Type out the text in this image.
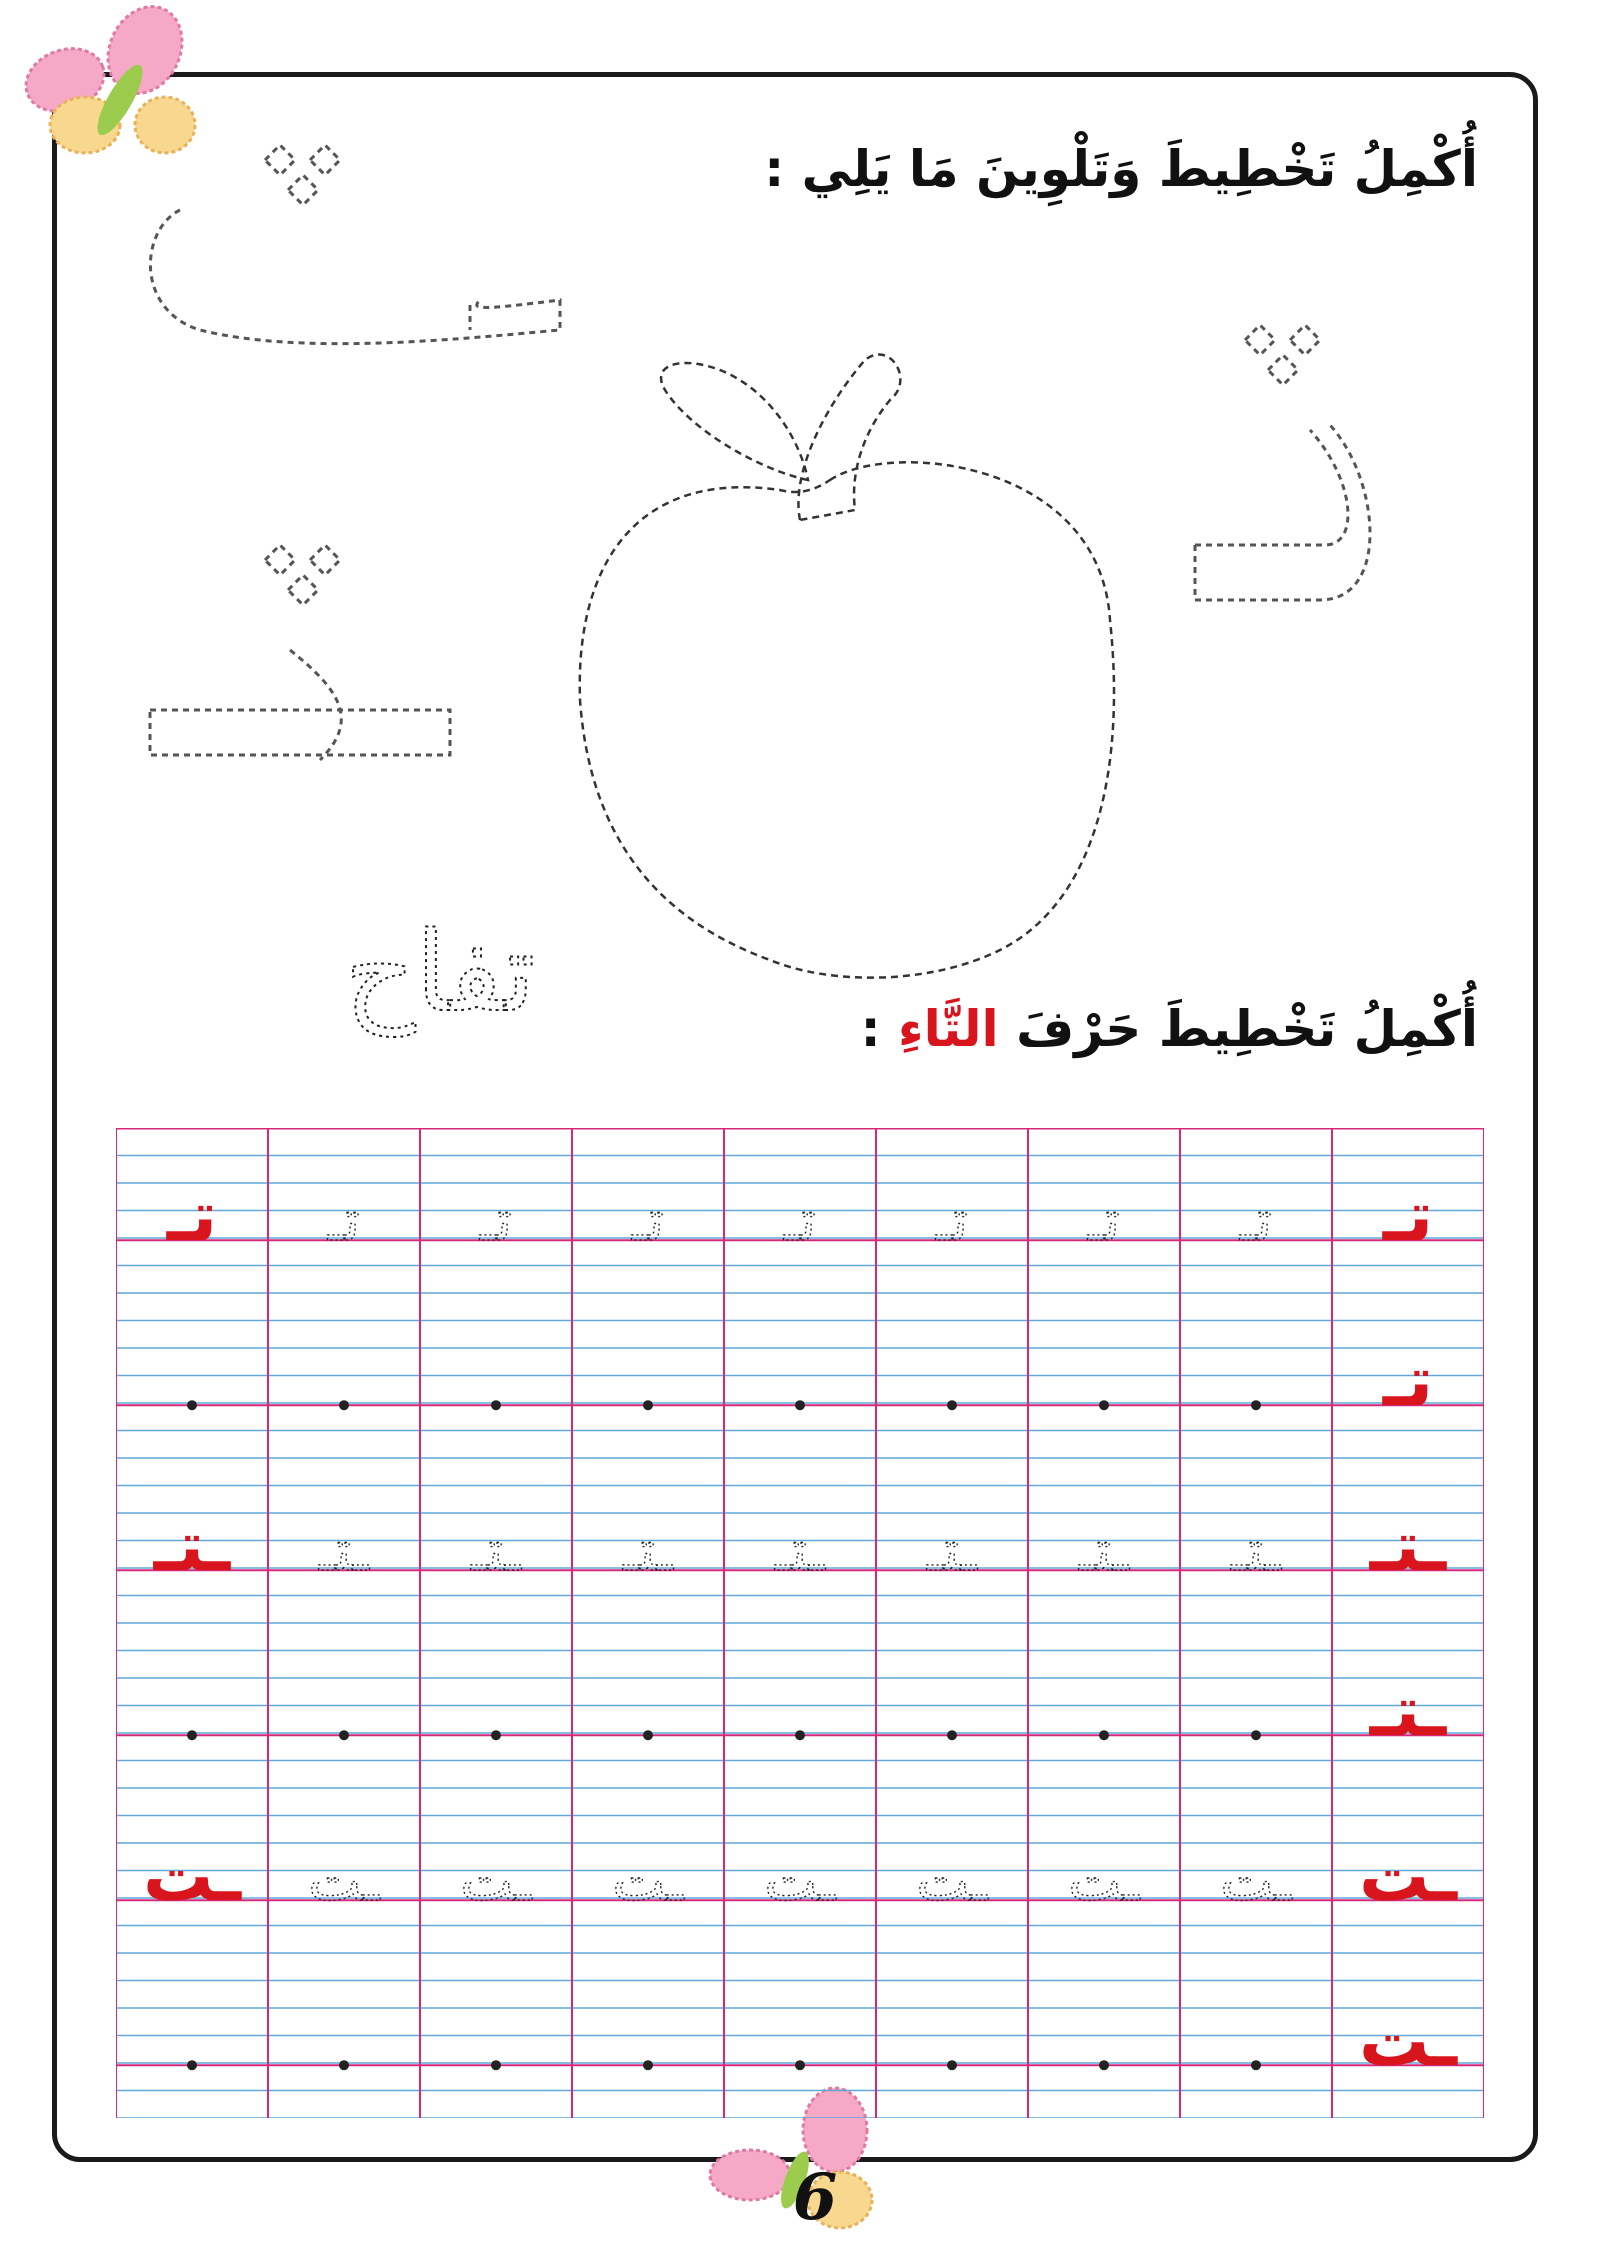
تفاح
أُكْمِلُ تَخْطِيطَ وَتَلْوِينَ مَا يَلِي :
أُكْمِلُ تَخْطِيطَ حَرْفَ التَّاءِ :
تـ
تـ تـ تـ تـ تـ تـ تـ تـ
تـ
ـتـ
ـتـ ـتـ ـتـ ـتـ ـتـ ـتـ ـتـ ـتـ
ـتـ
ـت
ـت ـت ـت ـت ـت ـت ـت ـت
ـت
6
